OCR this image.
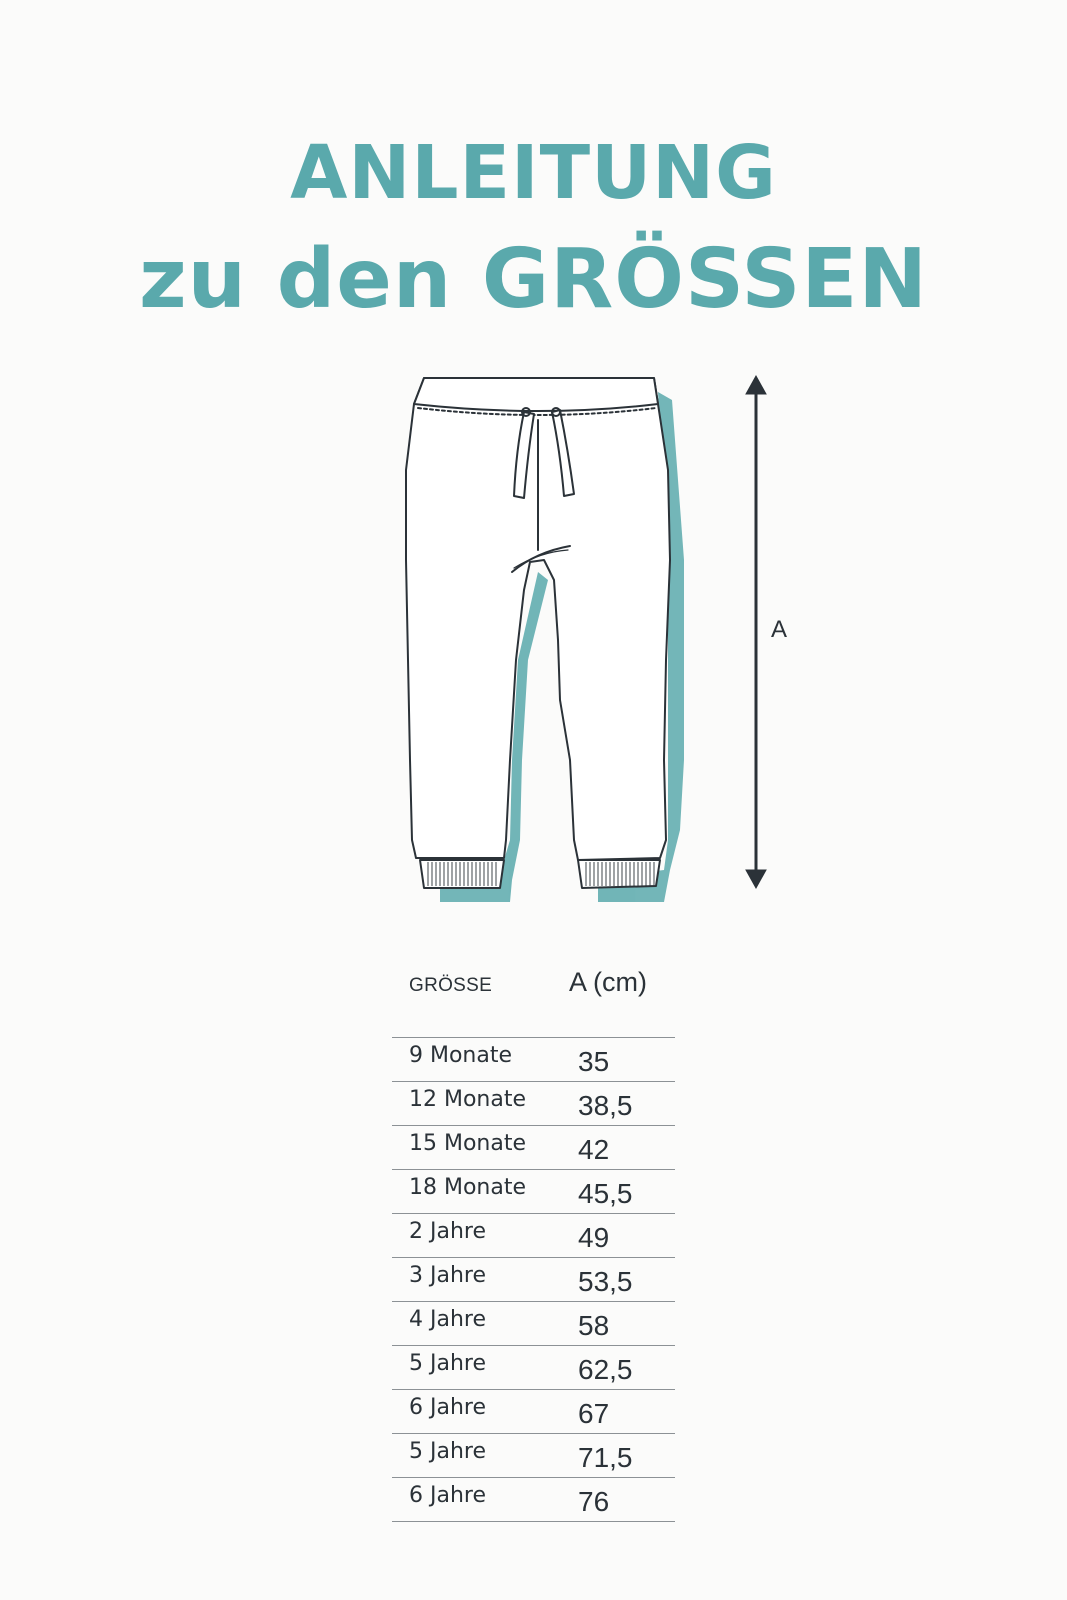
ANLEITUNG
zu den GRÖSSEN
A
GRÖSSE	A (cm)
9 Monate 35
12 Monate 38,5
15 Monate 42
18 Monate 45,5
2 Jahre	49
3 Jahre	53,5
4 Jahre	58
5 Jahre	62,5
6 Jahre	67
5 Jahre	71,5
6 Jahre	76
